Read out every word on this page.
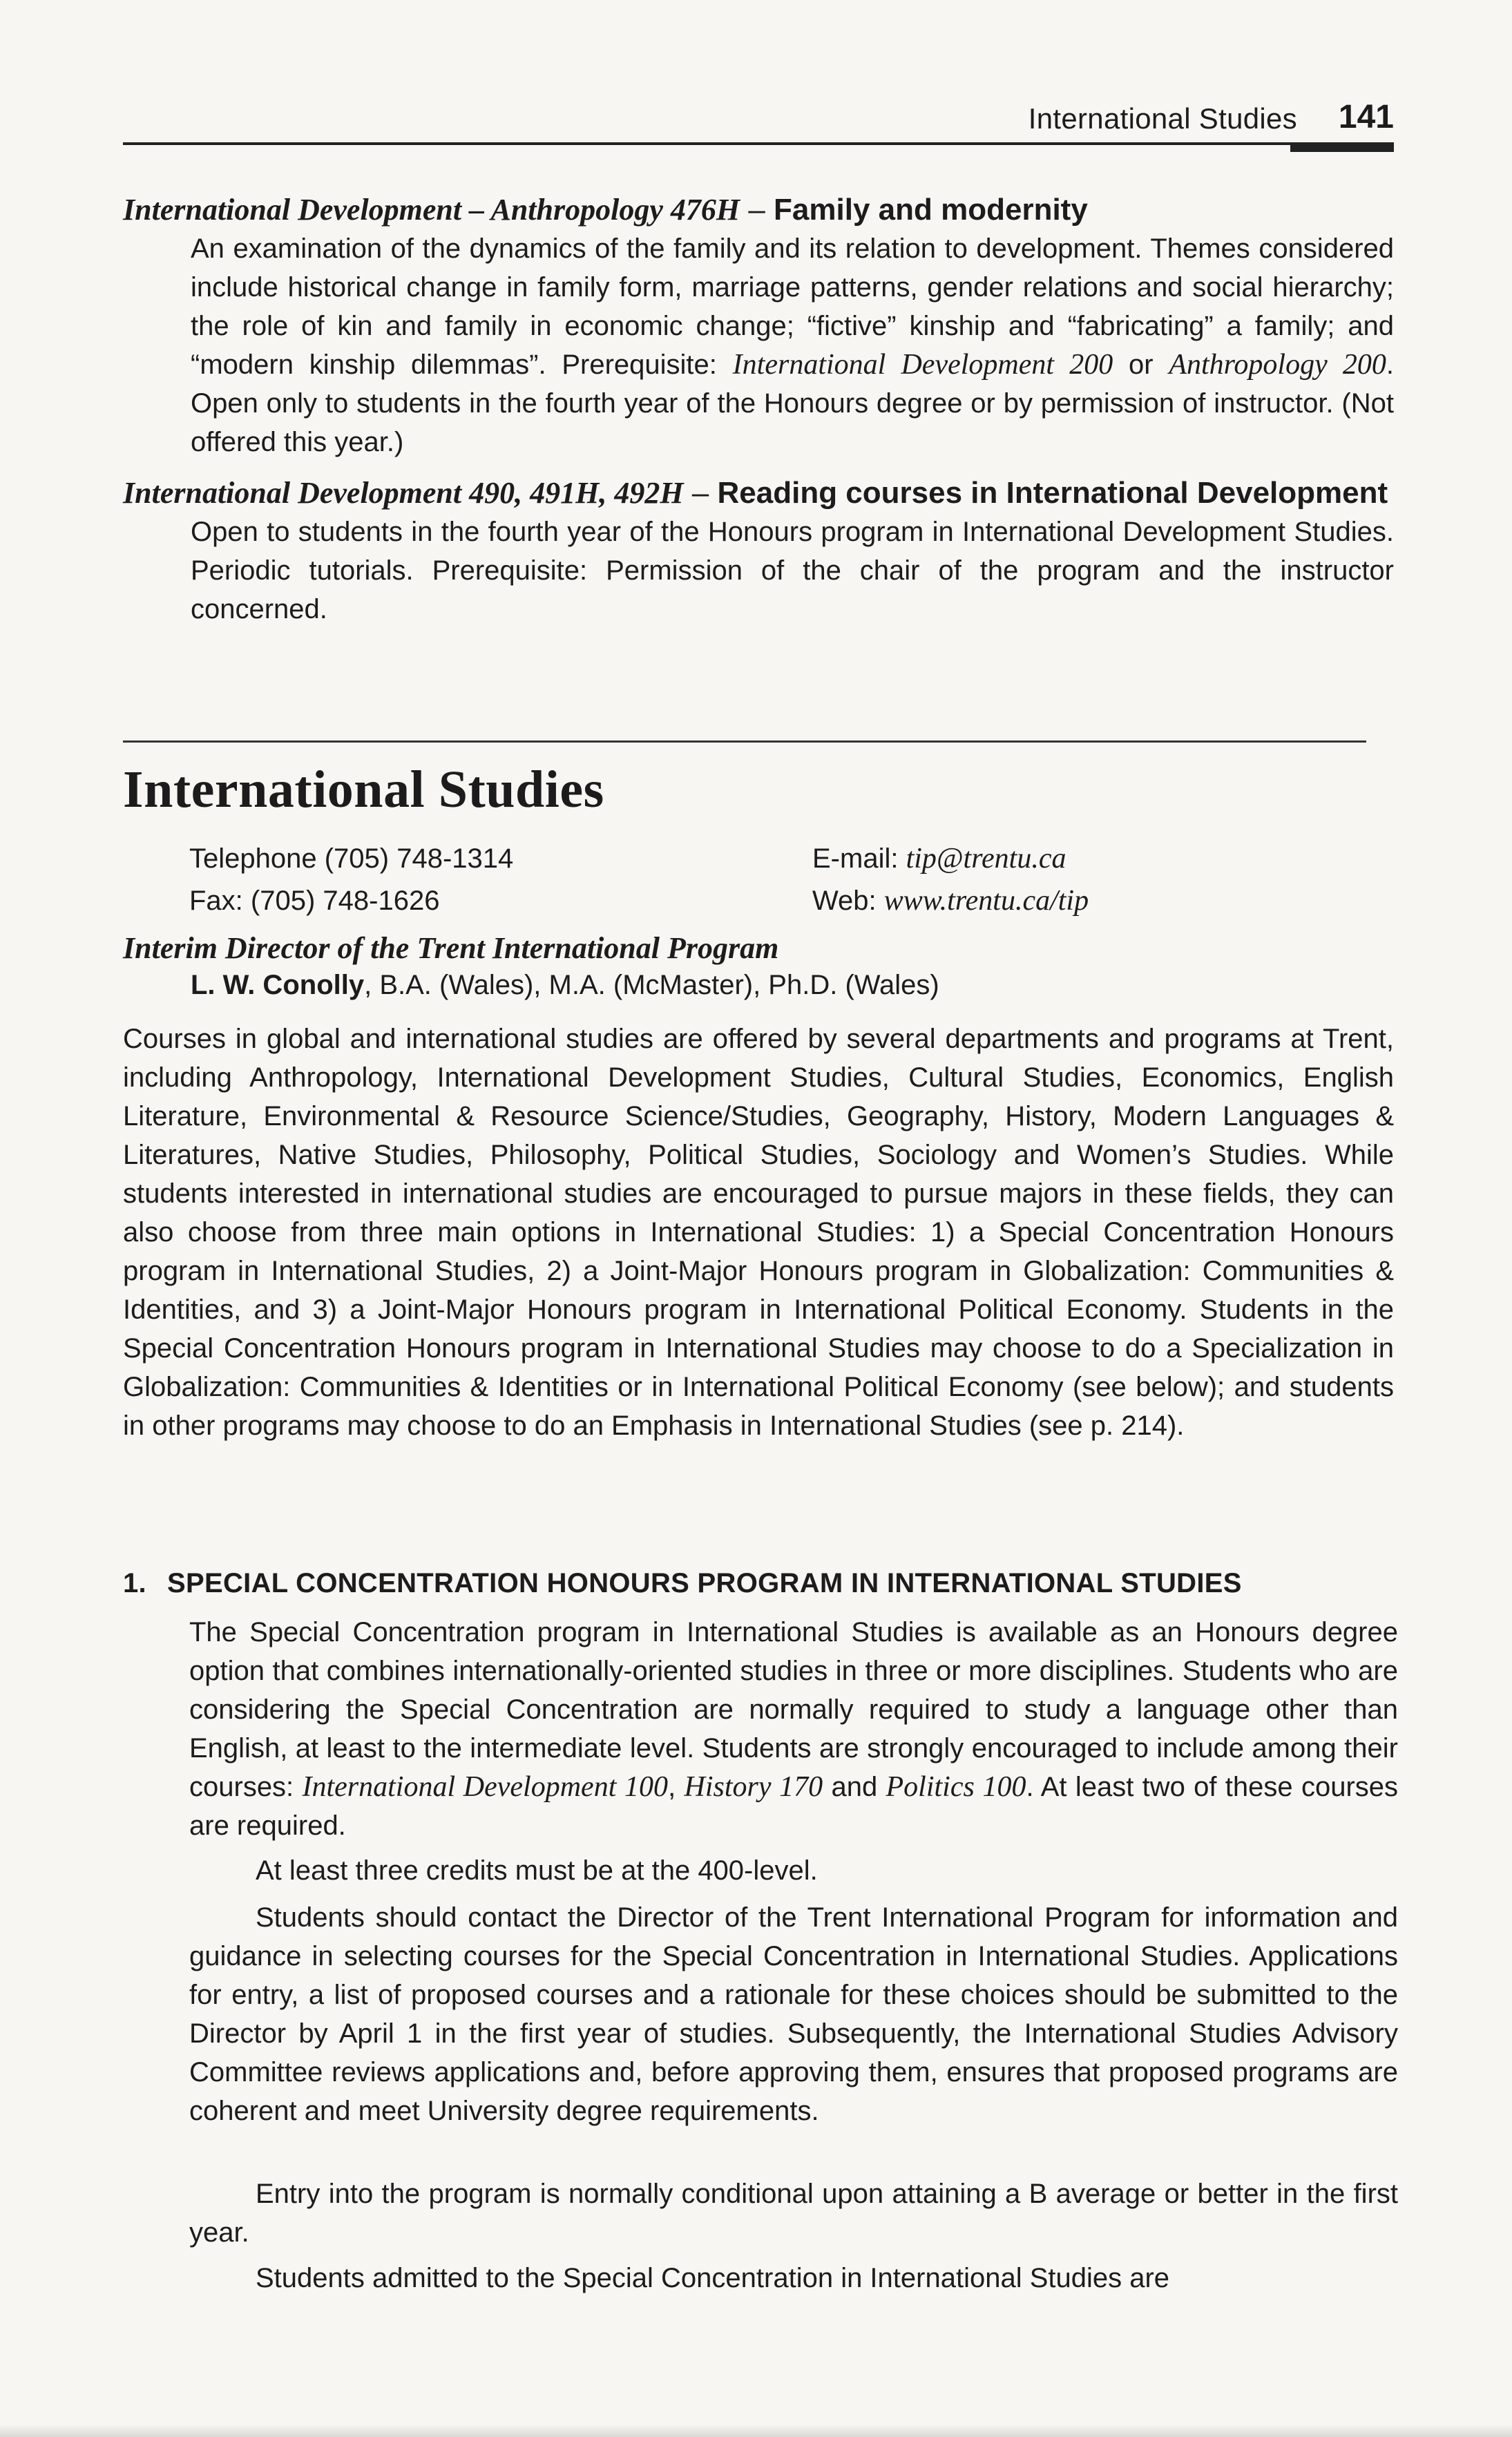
International Studies 141
International Development – Anthropology 476H – Family and modernity
An examination of the dynamics of the family and its relation to development. Themes considered include historical change in family form, marriage patterns, gender relations and social hierarchy; the role of kin and family in economic change; “fictive” kinship and “fabricating” a family; and “modern kinship dilemmas”. Prerequisite: International Development 200 or Anthropology 200. Open only to students in the fourth year of the Honours degree or by permission of instructor. (Not offered this year.)
International Development 490, 491H, 492H – Reading courses in International Development
Open to students in the fourth year of the Honours program in International Development Studies. Periodic tutorials. Prerequisite: Permission of the chair of the program and the instructor concerned.
International Studies
Telephone (705) 748-1314
Fax: (705) 748-1626
E-mail: tip@trentu.ca
Web: www.trentu.ca/tip
Interim Director of the Trent International Program
L. W. Conolly, B.A. (Wales), M.A. (McMaster), Ph.D. (Wales)
Courses in global and international studies are offered by several departments and programs at Trent, including Anthropology, International Development Studies, Cultural Studies, Economics, English Literature, Environmental & Resource Science/Studies, Geography, History, Modern Languages & Literatures, Native Studies, Philosophy, Political Studies, Sociology and Women’s Studies. While students interested in international studies are encouraged to pursue majors in these fields, they can also choose from three main options in International Studies: 1) a Special Concentration Honours program in International Studies, 2) a Joint-Major Honours program in Globalization: Communities & Identities, and 3) a Joint-Major Honours program in International Political Economy. Students in the Special Concentration Honours program in International Studies may choose to do a Specialization in Globalization: Communities & Identities or in International Political Economy (see below); and students in other programs may choose to do an Emphasis in International Studies (see p. 214).
1. SPECIAL CONCENTRATION HONOURS PROGRAM IN INTERNATIONAL STUDIES
The Special Concentration program in International Studies is available as an Honours degree option that combines internationally-oriented studies in three or more disciplines. Students who are considering the Special Concentration are normally required to study a language other than English, at least to the intermediate level. Students are strongly encouraged to include among their courses: International Development 100, History 170 and Politics 100. At least two of these courses are required.
At least three credits must be at the 400-level.
Students should contact the Director of the Trent International Program for information and guidance in selecting courses for the Special Concentration in International Studies. Applications for entry, a list of proposed courses and a rationale for these choices should be submitted to the Director by April 1 in the first year of studies. Subsequently, the International Studies Advisory Committee reviews applications and, before approving them, ensures that proposed programs are coherent and meet University degree requirements.
Entry into the program is normally conditional upon attaining a B average or better in the first year.
Students admitted to the Special Concentration in International Studies are
